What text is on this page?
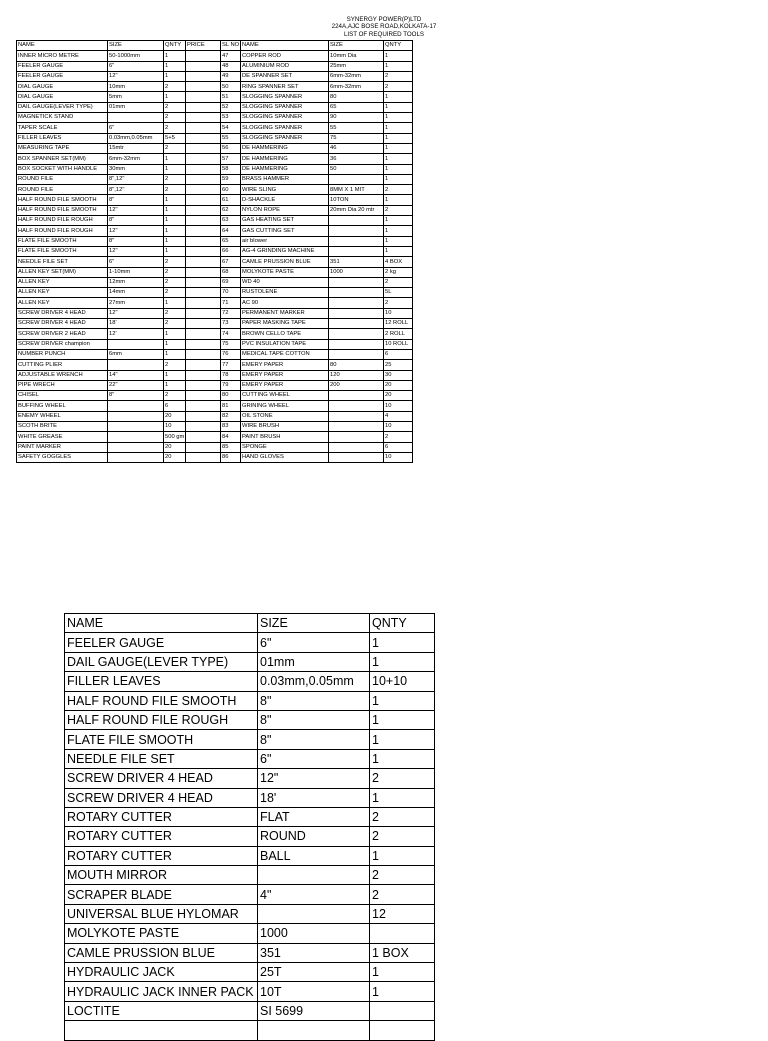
SYNERGY POWER(P)LTD
224A,AJC BOSE ROAD,KOLKATA-17
LIST OF REQUIRED TOOLS
NAME	SIZE	QNTY	PRICE	SL NO	NAME	SIZE	QNTY
INNER MICRO METRE	50-1000mm	1		47	COPPER ROD	10mm Dia	1
FEELER GAUGE	6"	1		48	ALUMINIUM ROD	25mm	1
FEELER GAUGE	12"	1		49	DE SPANNER SET	6mm-32mm	2
DIAL GAUGE	10mm	2		50	RING SPANNER SET	6mm-32mm	2
DIAL GAUGE	5mm	1		51	SLOGGING SPANNER	80	1
DAIL GAUGE(LEVER TYPE)	01mm	2		52	SLOGGING SPANNER	65	1
MAGNETICK STAND		2		53	SLOGGING SPANNER	90	1
TAPER SCALE	6"	2		54	SLOGGING SPANNER	55	1
FILLER LEAVES	0.03mm,0.05mm	5+5		55	SLOGGING SPANNER	75	1
MEASURING TAPE	15mtr	2		56	DE HAMMERING	46	1
BOX SPANNER SET(MM)	6mm-32mm	1		57	DE HAMMERING	36	1
BOX SOCKET WITH HANDLE	30mm	1		58	DE HAMMERING	50	1
ROUND FILE	8",12"	2		59	BRASS HAMMER		1
ROUND FILE	8",12"	2		60	WIRE SLING	8MM X 1 MIT	2
HALF ROUND FILE SMOOTH	8"	1		61	D-SHACKLE	10TON	1
HALF ROUND FILE SMOOTH	12"	1		62	NYLON ROPE	20mm Dia 20 mtr	2
HALF ROUND FILE ROUGH	8"	1		63	GAS HEATING SET		1
HALF ROUND FILE ROUGH	12"	1		64	GAS CUTTING SET		1
FLATE FILE SMOOTH	8"	1		65	air blower		1
FLATE FILE SMOOTH	12"	1		66	AG-4 GRINDING MACHINE		1
NEEDLE FILE SET	6"	2		67	CAMLE PRUSSION BLUE	351	4 BOX
ALLEN KEY SET(MM)	1-10mm	2		68	MOLYKOTE PASTE	1000	2 kg
ALLEN KEY	12mm	2		69	WD 40		2
ALLEN KEY	14mm	2		70	RUSTOLENE		5L
ALLEN KEY	27mm	1		71	AC 90		2
SCREW DRIVER 4 HEAD	12"	2		72	PERMANENT MARKER		10
SCREW DRIVER 4 HEAD	18'	2		73	PAPER MASKING TAPE		12 ROLL
SCREW DRIVER 2 HEAD	12'	1		74	BROWN CELLO TAPE		2 ROLL
SCREW DRIVER champion		1		75	PVC INSULATION TAPE		10 ROLL
NUMBER PUNCH	6mm	1		76	MEDICAL TAPE COTTON		6
CUTTING PLIER		2		77	EMERY PAPER	80	25
ADJUSTABLE WRENCH	14"	1		78	EMERY PAPER	120	30
PIPE WRECH	22"	1		79	EMERY PAPER	200	20
CHISEL	8"	2		80	CUTTING WHEEL		20
BUFFING WHEEL		6		81	GRINING WHEEL		10
ENEMY WHEEL		20		82	OIL STONE		4
SCOTH BRITE		10		83	WIRE BRUSH		10
WHITE GREASE		500 gm		84	PAINT BRUSH		2
PAINT MARKER		20		85	SPONGE		6
SAFETY GOGGLES		20		86	HAND GLOVES		10
NAME	SIZE	QNTY
FEELER GAUGE	6"	1
DAIL GAUGE(LEVER TYPE)	01mm	1
FILLER LEAVES	0.03mm,0.05mm	10+10
HALF ROUND FILE SMOOTH	8"	1
HALF ROUND FILE ROUGH	8"	1
FLATE FILE SMOOTH	8"	1
NEEDLE FILE SET	6"	1
SCREW DRIVER 4 HEAD	12"	2
SCREW DRIVER 4 HEAD	18'	1
ROTARY CUTTER	FLAT	2
ROTARY CUTTER	ROUND	2
ROTARY CUTTER	BALL	1
MOUTH MIRROR		2
SCRAPER BLADE	4"	2
UNIVERSAL BLUE HYLOMAR		12
MOLYKOTE PASTE	1000	
CAMLE PRUSSION BLUE	351	1 BOX
HYDRAULIC JACK	25T	1
HYDRAULIC JACK INNER PACK	10T	1
LOCTITE	SI 5699	
